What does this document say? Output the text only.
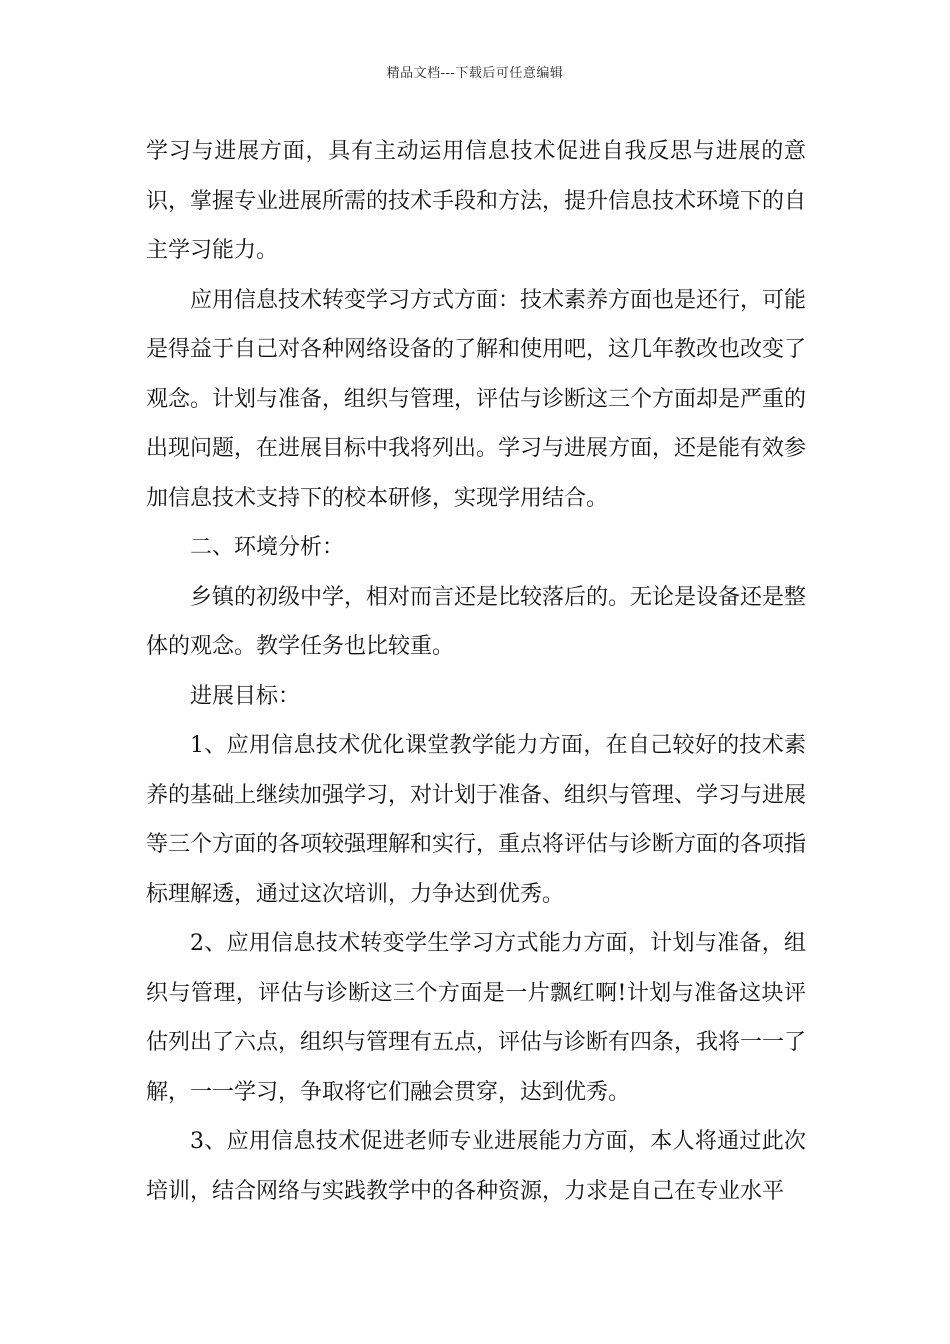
精品文档---下载后可任意编辑

学习与进展方面，具有主动运用信息技术促进自我反思与进展的意识，掌握专业进展所需的技术手段和方法，提升信息技术环境下的自主学习能力。

应用信息技术转变学习方式方面：技术素养方面也是还行，可能是得益于自己对各种网络设备的了解和使用吧，这几年教改也改变了观念。计划与准备，组织与管理，评估与诊断这三个方面却是严重的出现问题，在进展目标中我将列出。学习与进展方面，还是能有效参加信息技术支持下的校本研修，实现学用结合。

二、环境分析：

乡镇的初级中学，相对而言还是比较落后的。无论是设备还是整体的观念。教学任务也比较重。

进展目标：

1、应用信息技术优化课堂教学能力方面，在自己较好的技术素养的基础上继续加强学习，对计划于准备、组织与管理、学习与进展等三个方面的各项较强理解和实行，重点将评估与诊断方面的各项指标理解透，通过这次培训，力争达到优秀。

2、应用信息技术转变学生学习方式能力方面，计划与准备，组织与管理，评估与诊断这三个方面是一片飘红啊!计划与准备这块评估列出了六点，组织与管理有五点，评估与诊断有四条，我将一一了解，一一学习，争取将它们融会贯穿，达到优秀。

3、应用信息技术促进老师专业进展能力方面，本人将通过此次培训，结合网络与实践教学中的各种资源，力求是自己在专业水平
